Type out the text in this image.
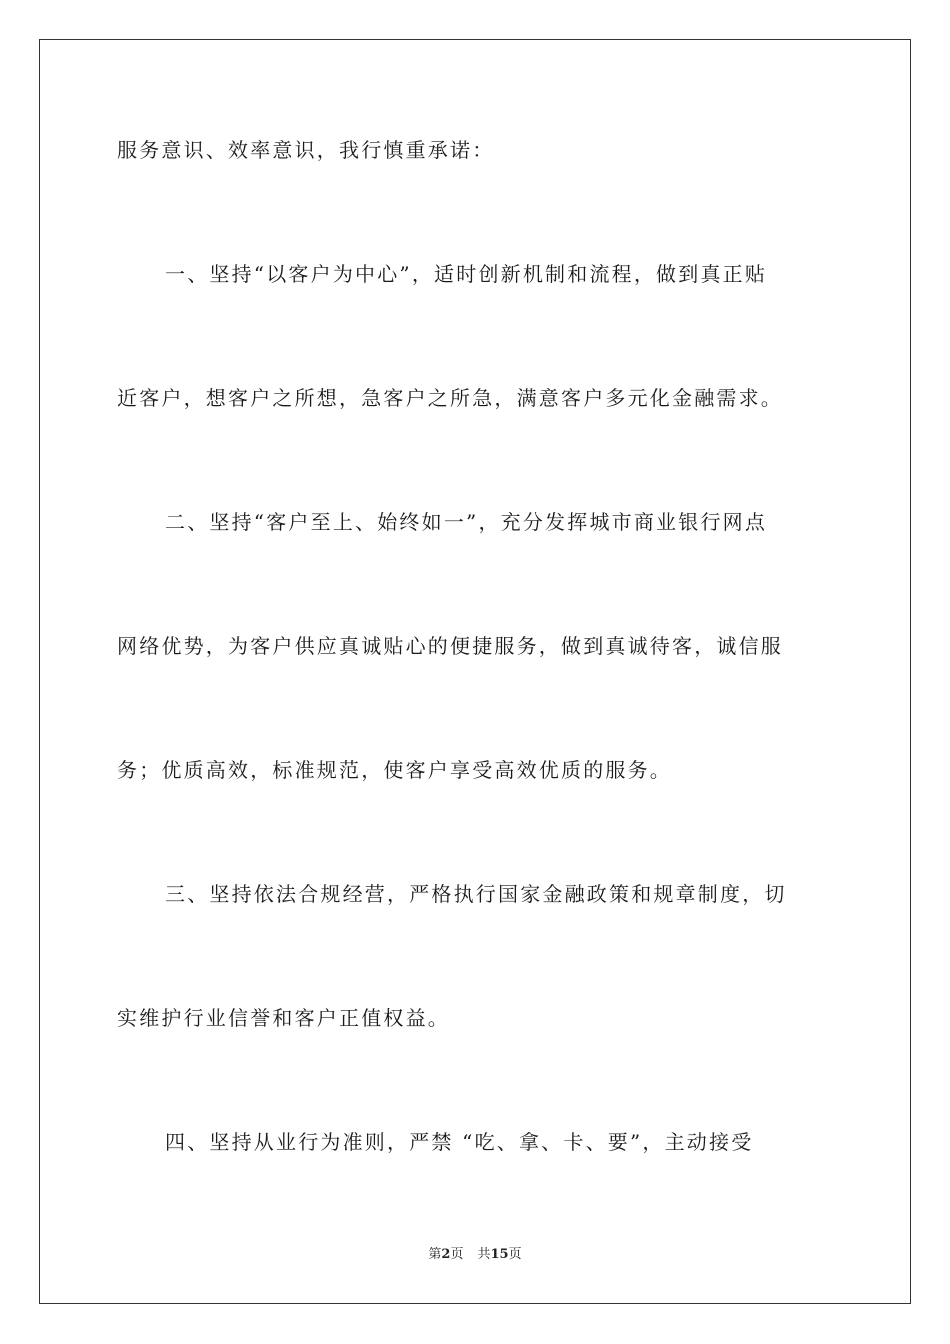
服务意识、效率意识，我行慎重承诺：
一、坚持“以客户为中心”，适时创新机制和流程，做到真正贴
近客户，想客户之所想，急客户之所急，满意客户多元化金融需求。
二、坚持“客户至上、始终如一”，充分发挥城市商业银行网点
网络优势，为客户供应真诚贴心的便捷服务，做到真诚待客，诚信服
务；优质高效，标准规范，使客户享受高效优质的服务。
三、坚持依法合规经营，严格执行国家金融政策和规章制度，切
实维护行业信誉和客户正值权益。
四、坚持从业行为准则，严禁 “吃、拿、卡、要”，主动接受
第2页 共15页
